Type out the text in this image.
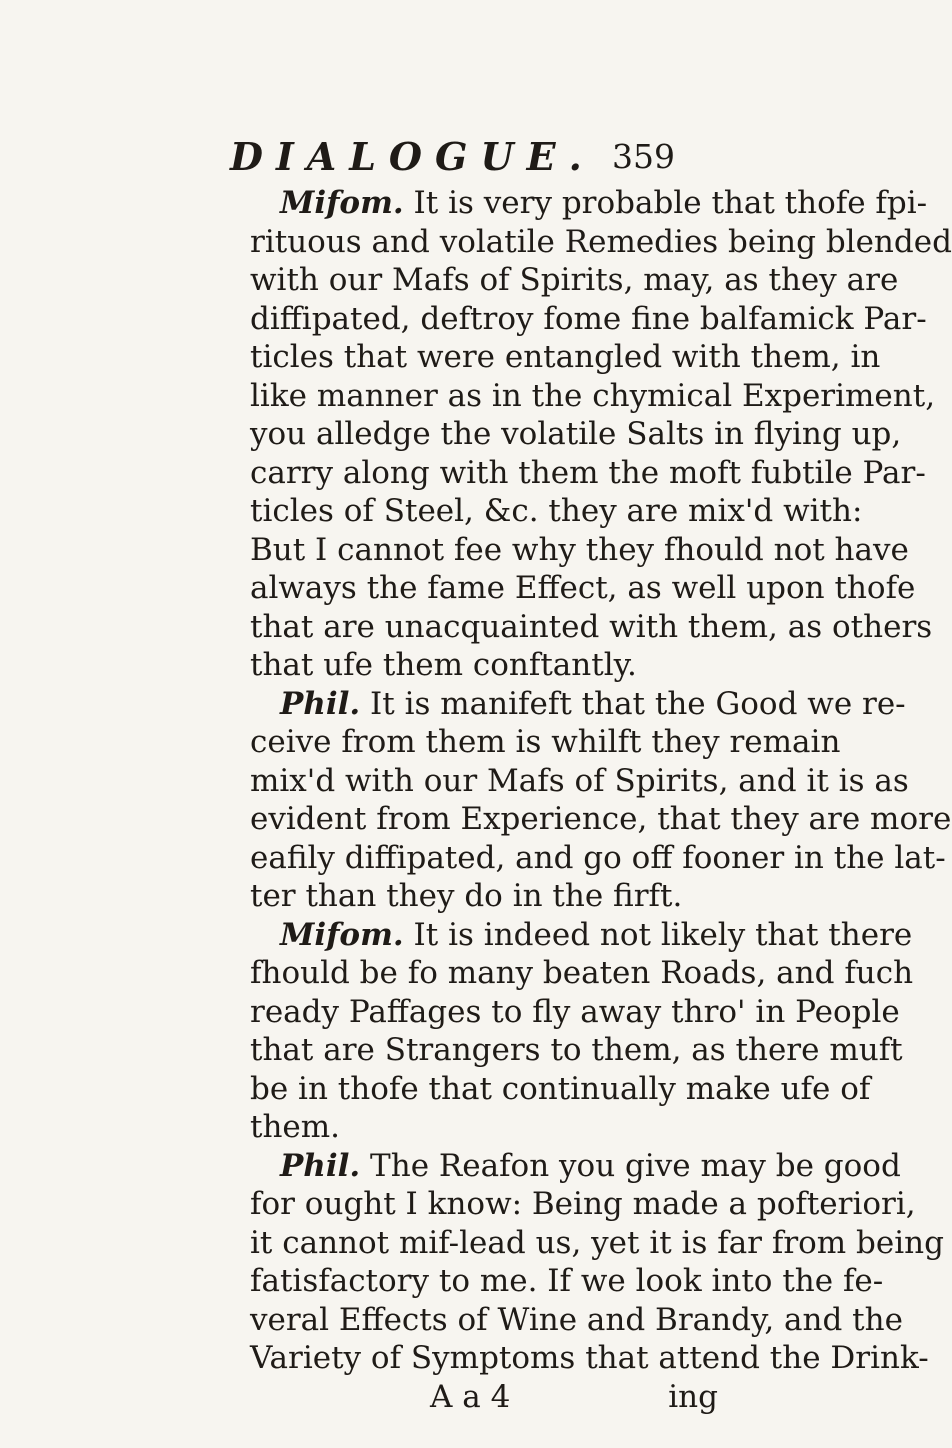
DIALOGUE. 359
Mifom. It is very probable that thofe fpi-
rituous and volatile Remedies being blended
with our Mafs of Spirits, may, as they are
diffipated, deftroy fome fine balfamick Par-
ticles that were entangled with them, in
like manner as in the chymical Experiment,
you alledge the volatile Salts in flying up,
carry along with them the moft fubtile Par-
ticles of Steel, &c. they are mix'd with:
But I cannot fee why they fhould not have
always the fame Effect, as well upon thofe
that are unacquainted with them, as others
that ufe them conftantly.
Phil. It is manifeft that the Good we re-
ceive from them is whilft they remain
mix'd with our Mafs of Spirits, and it is as
evident from Experience, that they are more
eafily diffipated, and go off fooner in the lat-
ter than they do in the firft.
Mifom. It is indeed not likely that there
fhould be fo many beaten Roads, and fuch
ready Paffages to fly away thro' in People
that are Strangers to them, as there muft
be in thofe that continually make ufe of
them.
Phil. The Reafon you give may be good
for ought I know: Being made a pofteriori,
it cannot mif-lead us, yet it is far from being
fatisfactory to me. If we look into the fe-
veral Effects of Wine and Brandy, and the
Variety of Symptoms that attend the Drink-
A a 4	ing
